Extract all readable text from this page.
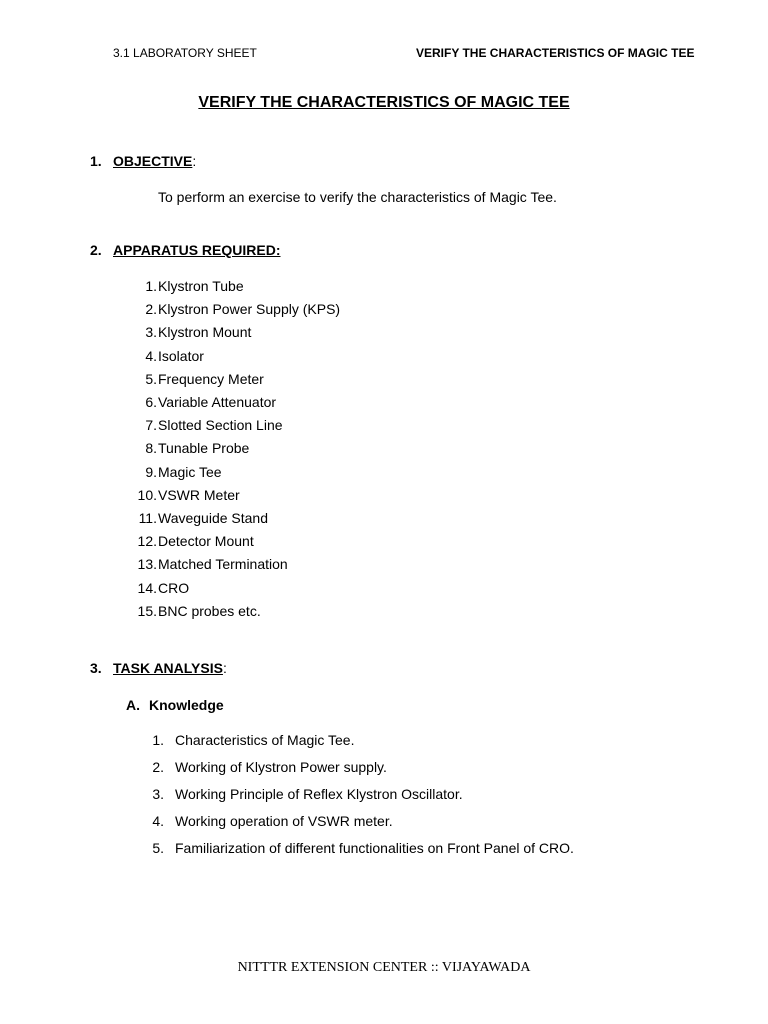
3.1 LABORATORY SHEET	VERIFY THE CHARACTERISTICS OF MAGIC TEE
VERIFY THE CHARACTERISTICS OF MAGIC TEE
1. OBJECTIVE:
To perform an exercise to verify the characteristics of Magic Tee.
2. APPARATUS REQUIRED:
1. Klystron Tube
2. Klystron Power Supply (KPS)
3. Klystron Mount
4. Isolator
5. Frequency Meter
6. Variable Attenuator
7. Slotted Section Line
8. Tunable Probe
9. Magic Tee
10. VSWR Meter
11. Waveguide Stand
12. Detector Mount
13. Matched Termination
14. CRO
15. BNC probes etc.
3. TASK ANALYSIS:
A. Knowledge
1. Characteristics of Magic Tee.
2. Working of Klystron Power supply.
3. Working Principle of Reflex Klystron Oscillator.
4. Working operation of VSWR meter.
5. Familiarization of different functionalities on Front Panel of CRO.
NITTTR EXTENSION CENTER :: VIJAYAWADA
